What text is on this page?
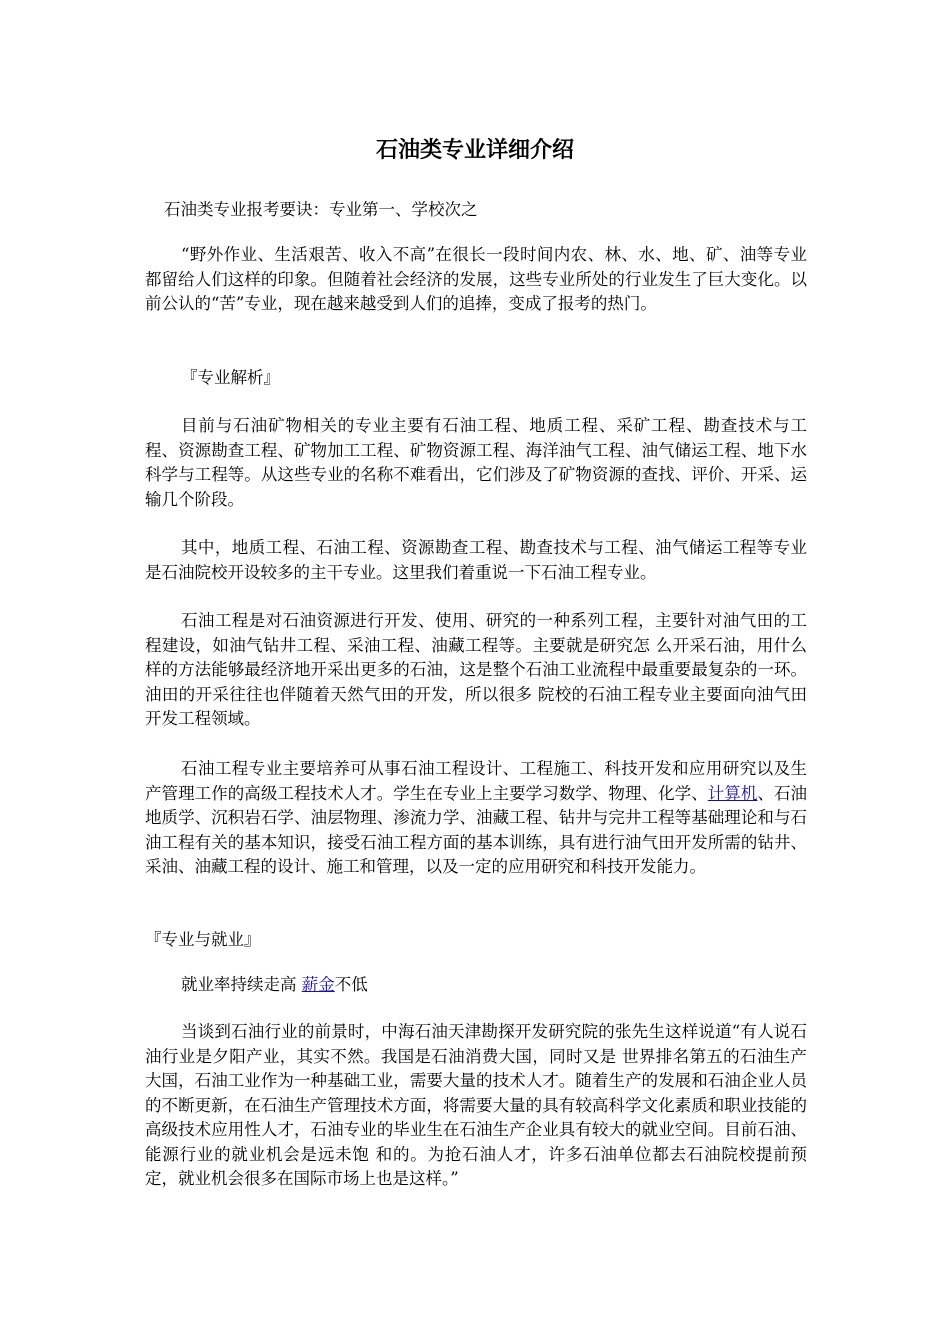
石油类专业详细介绍

石油类专业报考要诀：专业第一、学校次之

“野外作业、生活艰苦、收入不高”在很长一段时间内农、林、水、地、矿、油等专业都留给人们这样的印象。但随着社会经济的发展，这些专业所处的行业发生了巨大变化。以前公认的“苦”专业，现在越来越受到人们的追捧，变成了报考的热门。

『专业解析』

目前与石油矿物相关的专业主要有石油工程、地质工程、采矿工程、勘查技术与工程、资源勘查工程、矿物加工工程、矿物资源工程、海洋油气工程、油气储运工程、地下水科学与工程等。从这些专业的名称不难看出，它们涉及了矿物资源的查找、评价、开采、运输几个阶段。

其中，地质工程、石油工程、资源勘查工程、勘查技术与工程、油气储运工程等专业是石油院校开设较多的主干专业。这里我们着重说一下石油工程专业。

石油工程是对石油资源进行开发、使用、研究的一种系列工程，主要针对油气田的工程建设，如油气钻井工程、采油工程、油藏工程等。主要就是研究怎 么开采石油，用什么样的方法能够最经济地开采出更多的石油，这是整个石油工业流程中最重要最复杂的一环。油田的开采往往也伴随着天然气田的开发，所以很多 院校的石油工程专业主要面向油气田开发工程领域。

石油工程专业主要培养可从事石油工程设计、工程施工、科技开发和应用研究以及生产管理工作的高级工程技术人才。学生在专业上主要学习数学、物理、化学、计算机、石油地质学、沉积岩石学、油层物理、渗流力学、油藏工程、钻井与完井工程等基础理论和与石油工程有关的基本知识，接受石油工程方面的基本训练，具有进行油气田开发所需的钻井、采油、油藏工程的设计、施工和管理，以及一定的应用研究和科技开发能力。

『专业与就业』

就业率持续走高 薪金不低

当谈到石油行业的前景时，中海石油天津勘探开发研究院的张先生这样说道“有人说石油行业是夕阳产业，其实不然。我国是石油消费大国，同时又是 世界排名第五的石油生产大国，石油工业作为一种基础工业，需要大量的技术人才。随着生产的发展和石油企业人员的不断更新，在石油生产管理技术方面，将需要大量的具有较高科学文化素质和职业技能的高级技术应用性人才，石油专业的毕业生在石油生产企业具有较大的就业空间。目前石油、能源行业的就业机会是远未饱 和的。为抢石油人才，许多石油单位都去石油院校提前预定，就业机会很多在国际市场上也是这样。”
